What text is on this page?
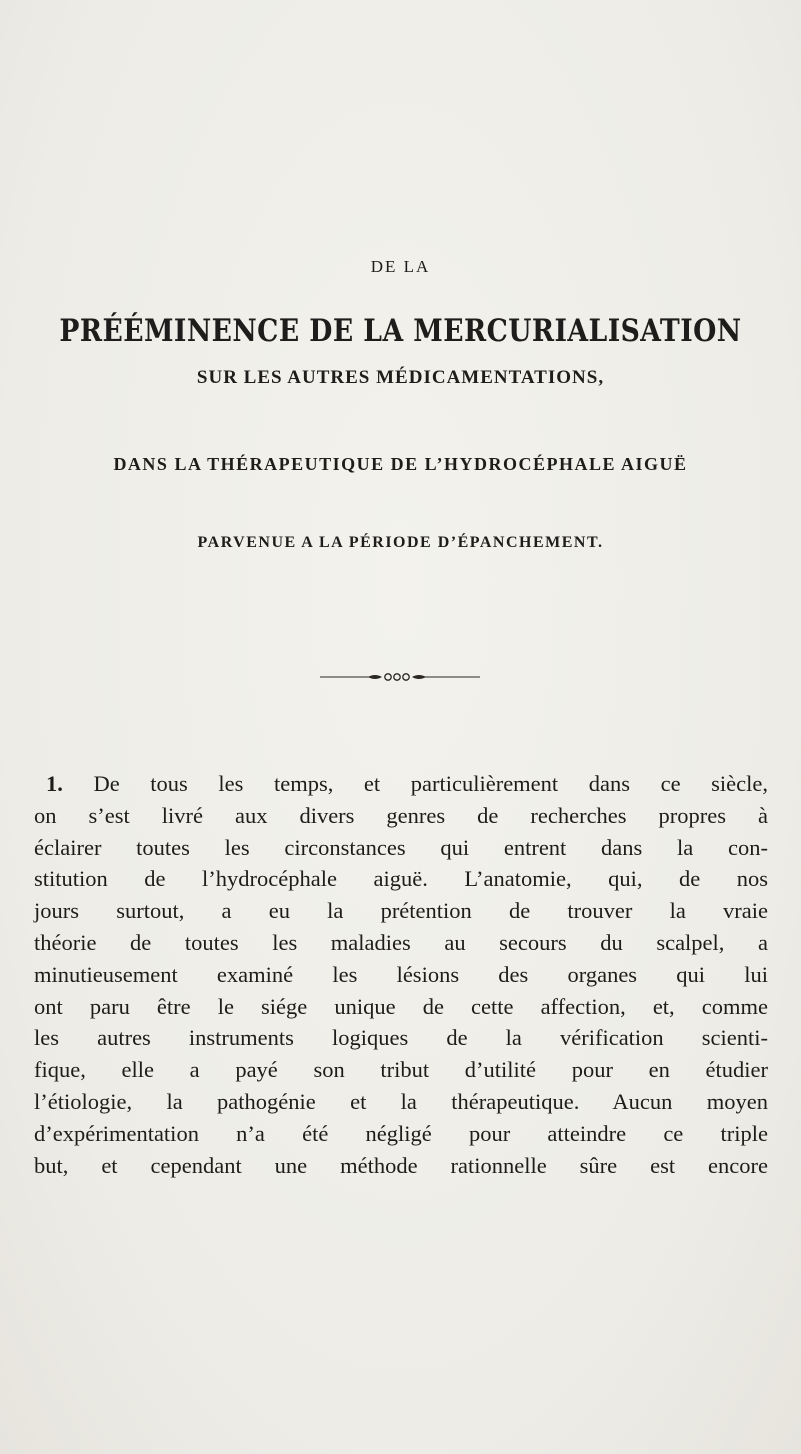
DE LA
PRÉÉMINENCE DE LA MERCURIALISATION
SUR LES AUTRES MÉDICAMENTATIONS,
DANS LA THÉRAPEUTIQUE DE L’HYDROCÉPHALE AIGUË
PARVENUE A LA PÉRIODE D’ÉPANCHEMENT.
1. De tous les temps, et particulièrement dans ce siècle,
on s’est livré aux divers genres de recherches propres à
éclairer toutes les circonstances qui entrent dans la con-
stitution de l’hydrocéphale aiguë. L’anatomie, qui, de nos
jours surtout, a eu la prétention de trouver la vraie
théorie de toutes les maladies au secours du scalpel, a
minutieusement examiné les lésions des organes qui lui
ont paru être le siége unique de cette affection, et, comme
les autres instruments logiques de la vérification scienti-
fique, elle a payé son tribut d’utilité pour en étudier
l’étiologie, la pathogénie et la thérapeutique. Aucun moyen
d’expérimentation n’a été négligé pour atteindre ce triple
but, et cependant une méthode rationnelle sûre est encore
